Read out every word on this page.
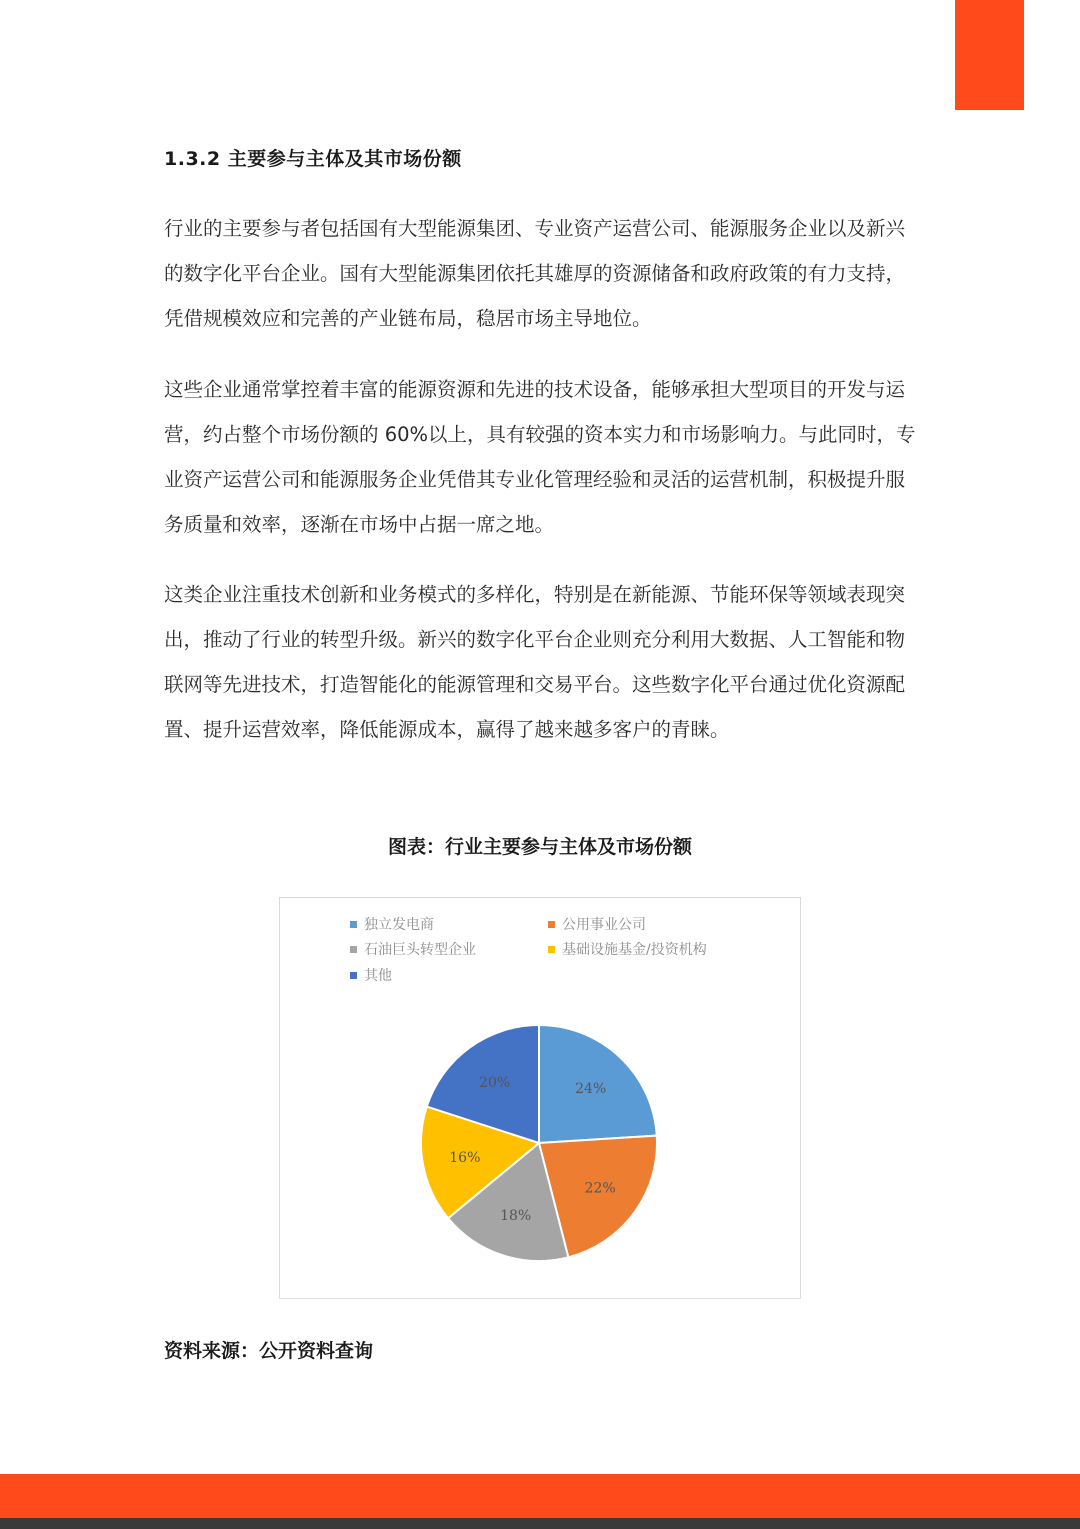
1.3.2 主要参与主体及其市场份额

行业的主要参与者包括国有大型能源集团、专业资产运营公司、能源服务企业以及新兴的数字化平台企业。国有大型能源集团依托其雄厚的资源储备和政府政策的有力支持，凭借规模效应和完善的产业链布局，稳居市场主导地位。

这些企业通常掌控着丰富的能源资源和先进的技术设备，能够承担大型项目的开发与运营，约占整个市场份额的 60%以上，具有较强的资本实力和市场影响力。与此同时，专业资产运营公司和能源服务企业凭借其专业化管理经验和灵活的运营机制，积极提升服务质量和效率，逐渐在市场中占据一席之地。

这类企业注重技术创新和业务模式的多样化，特别是在新能源、节能环保等领域表现突出，推动了行业的转型升级。新兴的数字化平台企业则充分利用大数据、人工智能和物联网等先进技术，打造智能化的能源管理和交易平台。这些数字化平台通过优化资源配置、提升运营效率，降低能源成本，赢得了越来越多客户的青睐。

图表：行业主要参与主体及市场份额
独立发电商	公用事业公司
石油巨头转型企业	基础设施基金/投资机构
其他
24%
22%
18%
16%
20%
资料来源：公开资料查询
